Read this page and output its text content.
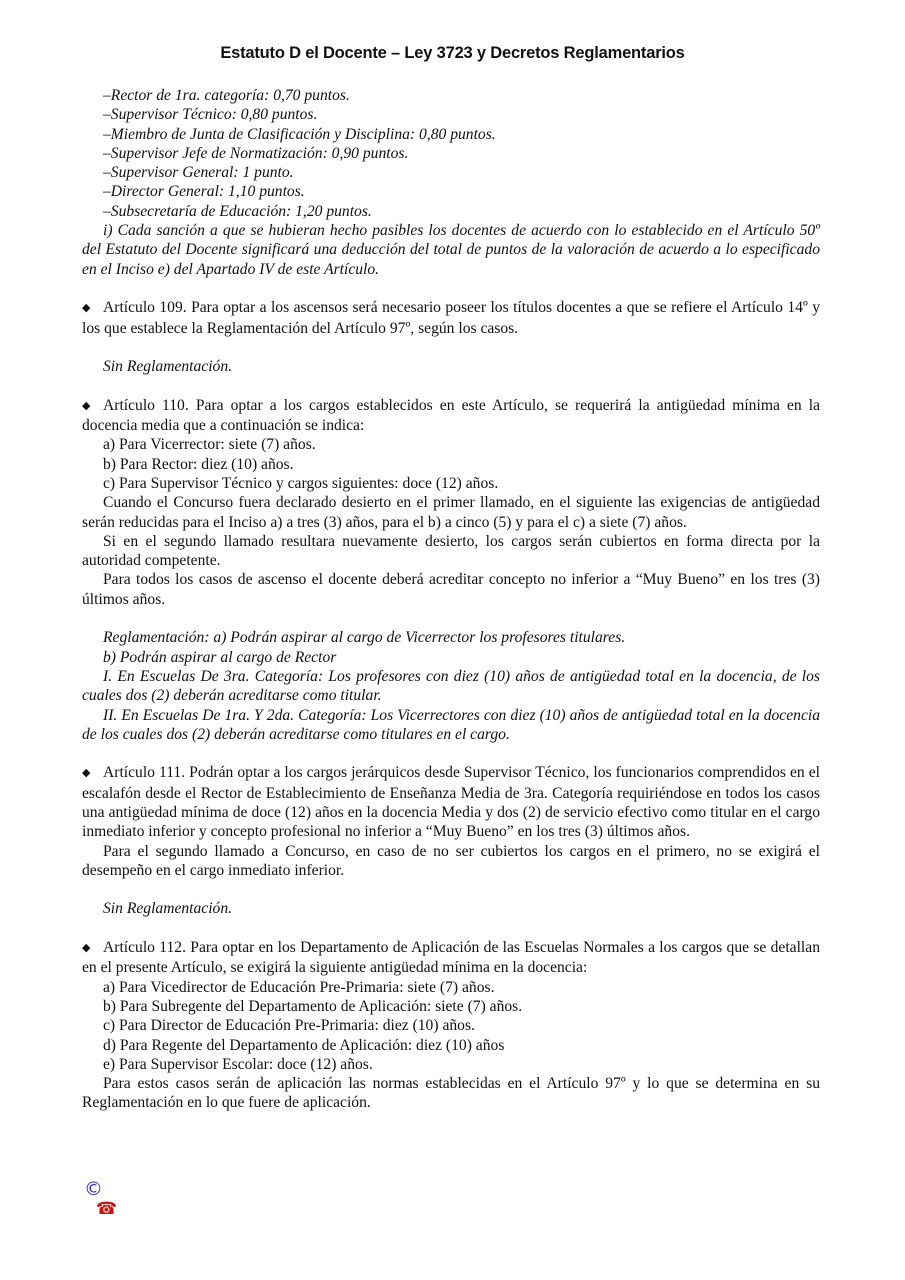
Estatuto D el Docente – Ley 3723 y Decretos Reglamentarios

–Rector de 1ra. categoría: 0,70 puntos.

–Supervisor Técnico: 0,80 puntos.

–Miembro de Junta de Clasificación y Disciplina: 0,80 puntos.

–Supervisor Jefe de Normatización: 0,90 puntos.

–Supervisor General: 1 punto.

–Director General: 1,10 puntos.

–Subsecretaría de Educación: 1,20 puntos.

i) Cada sanción a que se hubieran hecho pasibles los docentes de acuerdo con lo establecido en el Artículo 50º del Estatuto del Docente significará una deducción del total de puntos de la valoración de acuerdo a lo especificado en el Inciso e) del Apartado IV de este Artículo.

◆ Artículo 109. Para optar a los ascensos será necesario poseer los títulos docentes a que se refiere el Artículo 14º y los que establece la Reglamentación del Artículo 97º, según los casos.

Sin Reglamentación.

◆ Artículo 110. Para optar a los cargos establecidos en este Artículo, se requerirá la antigüedad mínima en la docencia media que a continuación se indica:

a) Para Vicerrector: siete (7) años.

b) Para Rector: diez (10) años.

c) Para Supervisor Técnico y cargos siguientes: doce (12) años.

Cuando el Concurso fuera declarado desierto en el primer llamado, en el siguiente las exigencias de antigüedad serán reducidas para el Inciso a) a tres (3) años, para el b) a cinco (5) y para el c) a siete (7) años.

Si en el segundo llamado resultara nuevamente desierto, los cargos serán cubiertos en forma directa por la autoridad competente.

Para todos los casos de ascenso el docente deberá acreditar concepto no inferior a “Muy Bueno” en los tres (3) últimos años.

Reglamentación: a) Podrán aspirar al cargo de Vicerrector los profesores titulares.

b) Podrán aspirar al cargo de Rector

I. En Escuelas De 3ra. Categoría: Los profesores con diez (10) años de antigüedad total en la docencia, de los cuales dos (2) deberán acreditarse como titular.

II. En Escuelas De 1ra. Y 2da. Categoría: Los Vicerrectores con diez (10) años de antigüedad total en la docencia de los cuales dos (2) deberán acreditarse como titulares en el cargo.

◆ Artículo 111. Podrán optar a los cargos jerárquicos desde Supervisor Técnico, los funcionarios comprendidos en el escalafón desde el Rector de Establecimiento de Enseñanza Media de 3ra. Categoría requiriéndose en todos los casos una antigüedad mínima de doce (12) años en la docencia Media y dos (2) de servicio efectivo como titular en el cargo inmediato inferior y concepto profesional no inferior a “Muy Bueno” en los tres (3) últimos años.

Para el segundo llamado a Concurso, en caso de no ser cubiertos los cargos en el primero, no se exigirá el desempeño en el cargo inmediato inferior.

Sin Reglamentación.

◆ Artículo 112. Para optar en los Departamento de Aplicación de las Escuelas Normales a los cargos que se detallan en el presente Artículo, se exigirá la siguiente antigüedad mínima en la docencia:

a) Para Vicedirector de Educación Pre-Primaria: siete (7) años.

b) Para Subregente del Departamento de Aplicación: siete (7) años.

c) Para Director de Educación Pre-Primaria: diez (10) años.

d) Para Regente del Departamento de Aplicación: diez (10) años

e) Para Supervisor Escolar: doce (12) años.

Para estos casos serán de aplicación las normas establecidas en el Artículo 97º y lo que se determina en su Reglamentación en lo que fuere de aplicación.

©
☎
